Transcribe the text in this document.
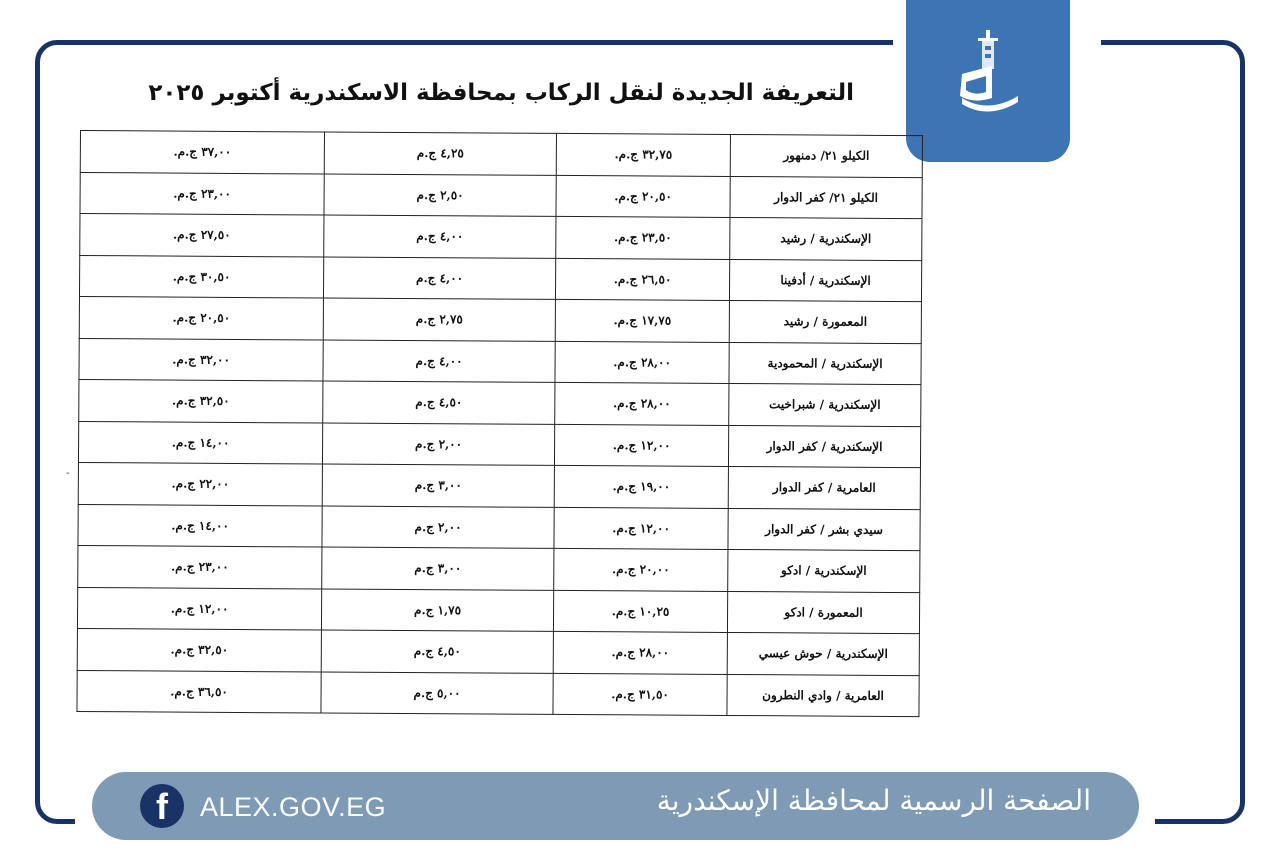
التعريفة الجديدة لنقل الركاب بمحافظة الاسكندرية أكتوبر ٢٠٢٥
الكيلو ٢١/ دمنهور	٣٢,٧٥ ج.م.	٤,٢٥ ج.م	٣٧,٠٠ ج.م.
الكيلو ٢١/ كفر الدوار	٢٠,٥٠ ج.م.	٢,٥٠ ج.م	٢٣,٠٠ ج.م.
الإسكندرية / رشيد	٢٣,٥٠ ج.م.	٤,٠٠ ج.م	٢٧,٥٠ ج.م.
الإسكندرية / أدفينا	٢٦,٥٠ ج.م.	٤,٠٠ ج.م	٣٠,٥٠ ج.م.
المعمورة / رشيد	١٧,٧٥ ج.م.	٢,٧٥ ج.م	٢٠,٥٠ ج.م.
الإسكندرية / المحمودية	٢٨,٠٠ ج.م.	٤,٠٠ ج.م	٣٢,٠٠ ج.م.
الإسكندرية / شبراخيت	٢٨,٠٠ ج.م.	٤,٥٠ ج.م	٣٢,٥٠ ج.م.
الإسكندرية / كفر الدوار	١٢,٠٠ ج.م.	٢,٠٠ ج.م	١٤,٠٠ ج.م.
العامرية / كفر الدوار	١٩,٠٠ ج.م.	٣,٠٠ ج.م	٢٢,٠٠ ج.م.
سيدي بشر / كفر الدوار	١٢,٠٠ ج.م.	٢,٠٠ ج.م	١٤,٠٠ ج.م.
الإسكندرية / ادكو	٢٠,٠٠ ج.م.	٣,٠٠ ج.م	٢٣,٠٠ ج.م.
المعمورة / ادكو	١٠,٢٥ ج.م.	١,٧٥ ج.م	١٢,٠٠ ج.م.
الإسكندرية / حوش عيسي	٢٨,٠٠ ج.م.	٤,٥٠ ج.م	٣٢,٥٠ ج.م.
العامرية / وادي النطرون	٣١,٥٠ ج.م.	٥,٠٠ ج.م	٣٦,٥٠ ج.م.
-
f	ALEX.GOV.EG	الصفحة الرسمية لمحافظة الإسكندرية
